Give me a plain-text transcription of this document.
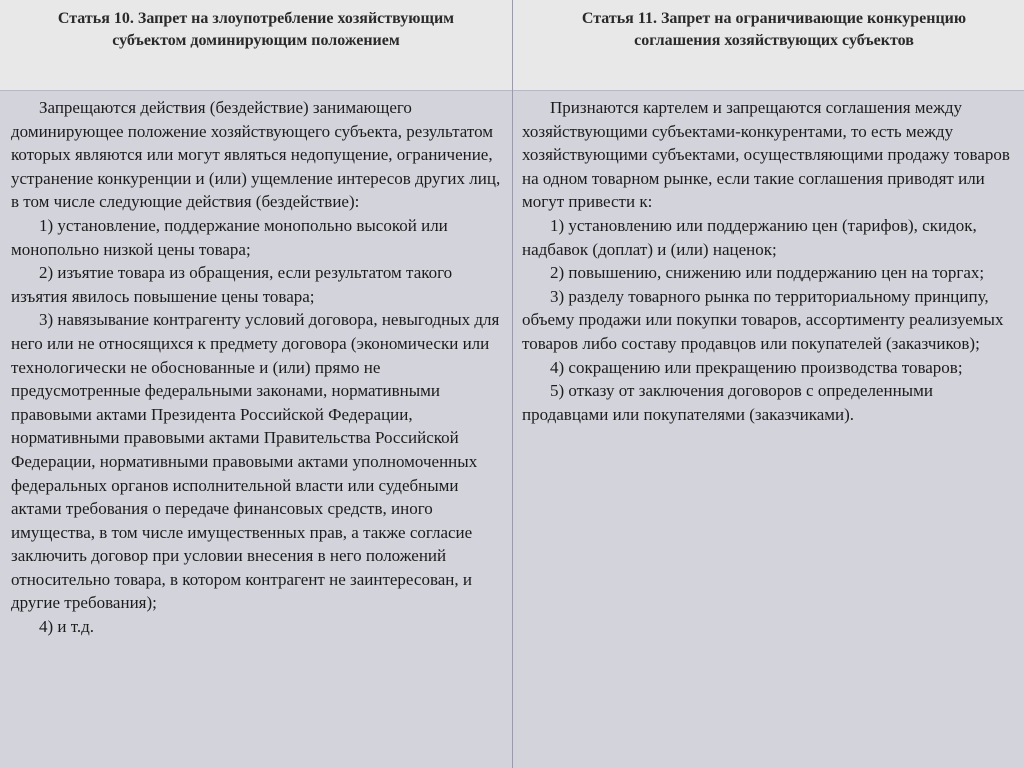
Статья 10. Запрет на злоупотребление хозяйствующим субъектом доминирующим положением
Статья 11. Запрет на ограничивающие конкуренцию соглашения хозяйствующих субъектов

Запрещаются действия (бездействие) занимающего доминирующее положение хозяйствующего субъекта, результатом которых являются или могут являться недопущение, ограничение, устранение конкуренции и (или) ущемление интересов других лиц, в том числе следующие действия (бездействие):

1) установление, поддержание монопольно высокой или монопольно низкой цены товара;

2) изъятие товара из обращения, если результатом такого изъятия явилось повышение цены товара;

3) навязывание контрагенту условий договора, невыгодных для него или не относящихся к предмету договора (экономически или технологически не обоснованные и (или) прямо не предусмотренные федеральными законами, нормативными правовыми актами Президента Российской Федерации, нормативными правовыми актами Правительства Российской Федерации, нормативными правовыми актами уполномоченных федеральных органов исполнительной власти или судебными актами требования о передаче финансовых средств, иного имущества, в том числе имущественных прав, а также согласие заключить договор при условии внесения в него положений относительно товара, в котором контрагент не заинтересован, и другие требования);

4) и т.д.

Признаются картелем и запрещаются соглашения между хозяйствующими субъектами-конкурентами, то есть между хозяйствующими субъектами, осуществляющими продажу товаров на одном товарном рынке, если такие соглашения приводят или могут привести к:

1) установлению или поддержанию цен (тарифов), скидок, надбавок (доплат) и (или) наценок;

2) повышению, снижению или поддержанию цен на торгах;

3) разделу товарного рынка по территориальному принципу, объему продажи или покупки товаров, ассортименту реализуемых товаров либо составу продавцов или покупателей (заказчиков);

4) сокращению или прекращению производства товаров;

5) отказу от заключения договоров с определенными продавцами или покупателями (заказчиками).
